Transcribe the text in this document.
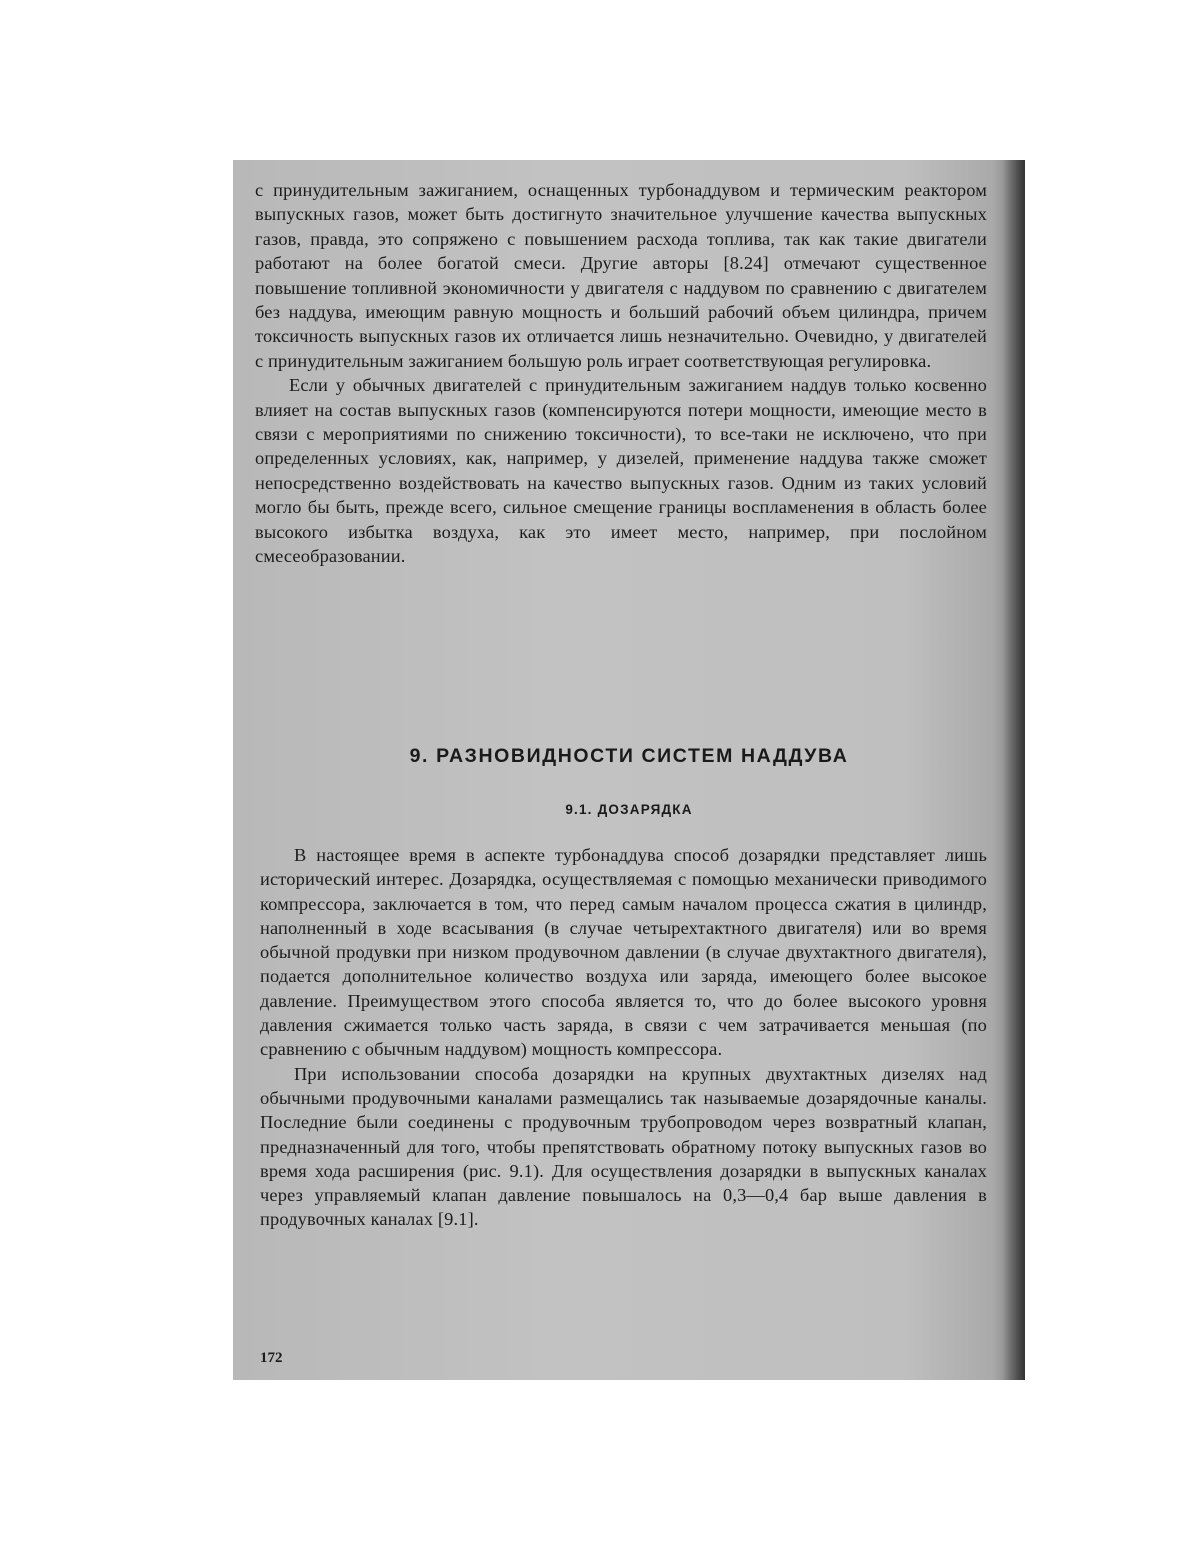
с принудительным зажиганием, оснащенных турбонаддувом и термическим реактором выпускных газов, может быть достигнуто значительное улучшение качества выпускных газов, правда, это сопряжено с повышением расхода топлива, так как такие двигатели работают на более богатой смеси. Другие авторы [8.24] отмечают существенное повышение топливной экономичности у двигателя с наддувом по сравнению с двигателем без наддува, имеющим равную мощность и больший рабочий объем цилиндра, причем токсичность выпускных газов их отличается лишь незначительно. Очевидно, у двигателей с принудительным зажиганием большую роль играет соответствующая регулировка.

Если у обычных двигателей с принудительным зажиганием наддув только косвенно влияет на состав выпускных газов (компенсируются потери мощности, имеющие место в связи с мероприятиями по снижению токсичности), то все-таки не исключено, что при определенных условиях, как, например, у дизелей, применение наддува также сможет непосредственно воздействовать на качество выпускных газов. Одним из таких условий могло бы быть, прежде всего, сильное смещение границы воспламенения в область более высокого избытка воздуха, как это имеет место, например, при послойном смесеобразовании.

9. РАЗНОВИДНОСТИ СИСТЕМ НАДДУВА
9.1. ДОЗАРЯДКА

В настоящее время в аспекте турбонаддува способ дозарядки представляет лишь исторический интерес. Дозарядка, осуществляемая с помощью механически приводимого компрессора, заключается в том, что перед самым началом процесса сжатия в цилиндр, наполненный в ходе всасывания (в случае четырехтактного двигателя) или во время обычной продувки при низком продувочном давлении (в случае двухтактного двигателя), подается дополнительное количество воздуха или заряда, имеющего более высокое давление. Преимуществом этого способа является то, что до более высокого уровня давления сжимается только часть заряда, в связи с чем затрачивается меньшая (по сравнению с обычным наддувом) мощность компрессора.

При использовании способа дозарядки на крупных двухтактных дизелях над обычными продувочными каналами размещались так называемые дозарядочные каналы. Последние были соединены с продувочным трубопроводом через возвратный клапан, предназначенный для того, чтобы препятствовать обратному потоку выпускных газов во время хода расширения (рис. 9.1). Для осуществления дозарядки в выпускных каналах через управляемый клапан давление повышалось на 0,3—0,4 бар выше давления в продувочных каналах [9.1].

172
